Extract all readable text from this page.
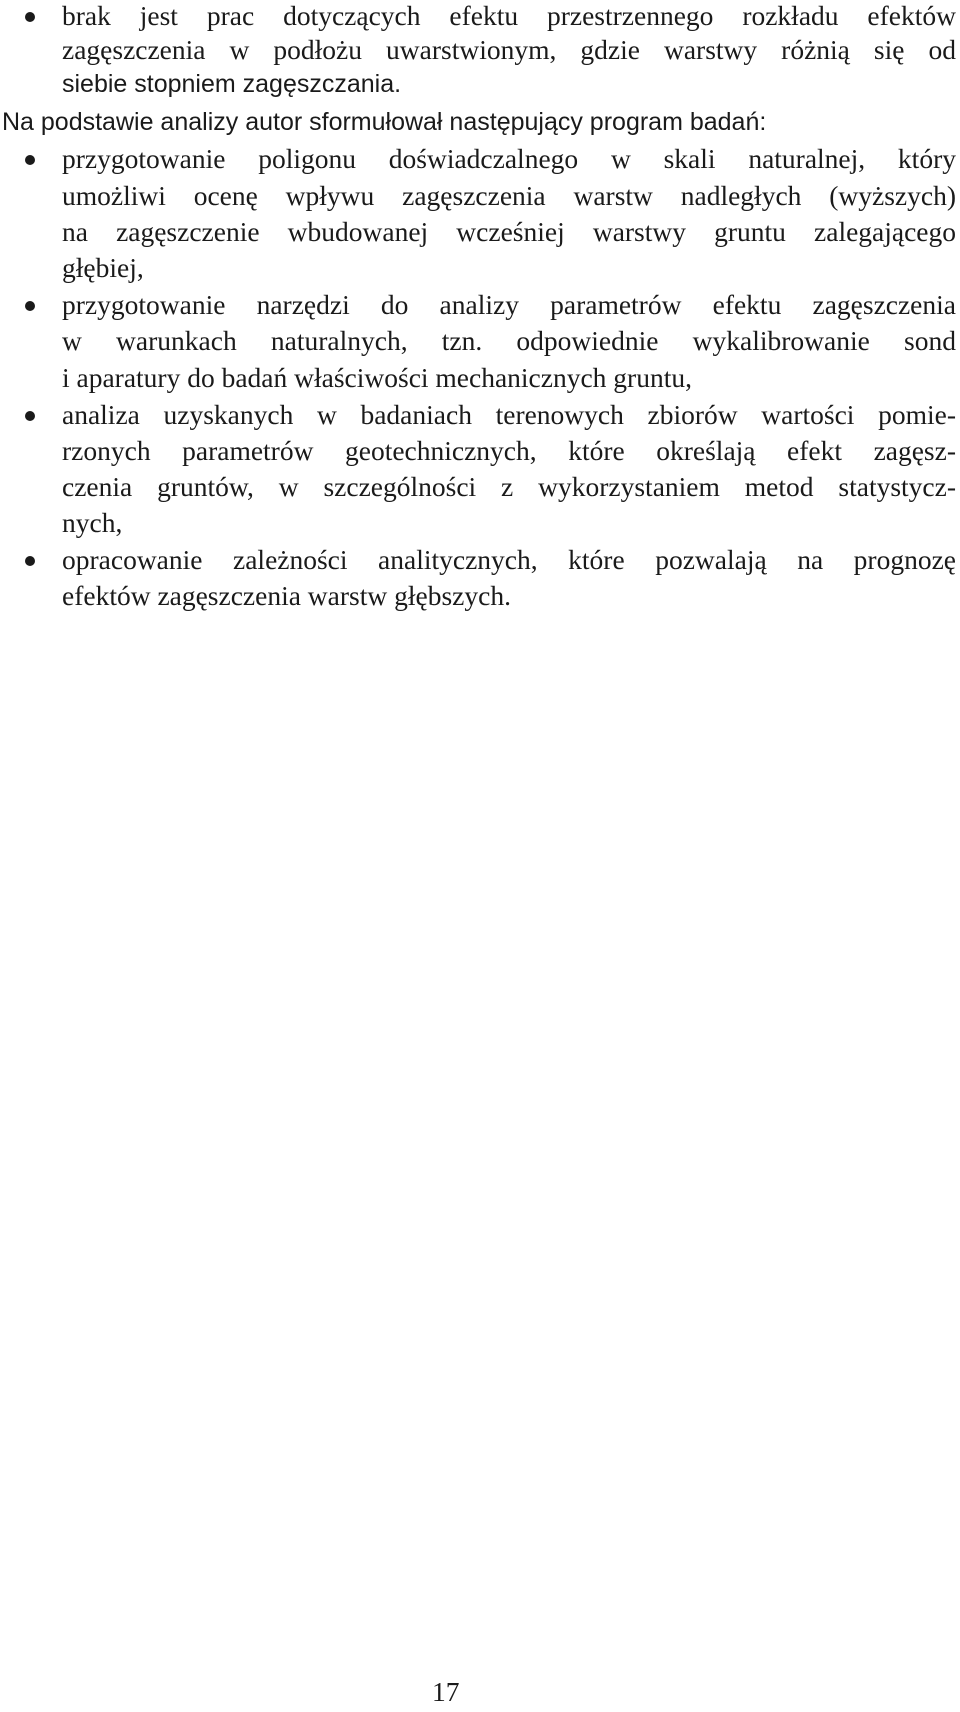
brak jest prac dotyczących efektu przestrzennego rozkładu efektów
zagęszczenia w podłożu uwarstwionym, gdzie warstwy różnią się od
siebie stopniem zagęszczania.
Na podstawie analizy autor sformułował następujący program badań:
przygotowanie poligonu doświadczalnego w skali naturalnej, który
umożliwi ocenę wpływu zagęszczenia warstw nadległych (wyższych)
na zagęszczenie wbudowanej wcześniej warstwy gruntu zalegającego
głębiej,
przygotowanie narzędzi do analizy parametrów efektu zagęszczenia
w warunkach naturalnych, tzn. odpowiednie wykalibrowanie sond
i aparatury do badań właściwości mechanicznych gruntu,
analiza uzyskanych w badaniach terenowych zbiorów wartości pomie-
rzonych parametrów geotechnicznych, które określają efekt zagęsz-
czenia gruntów, w szczególności z wykorzystaniem metod statystycz-
nych,
opracowanie zależności analitycznych, które pozwalają na prognozę
efektów zagęszczenia warstw głębszych.
17
